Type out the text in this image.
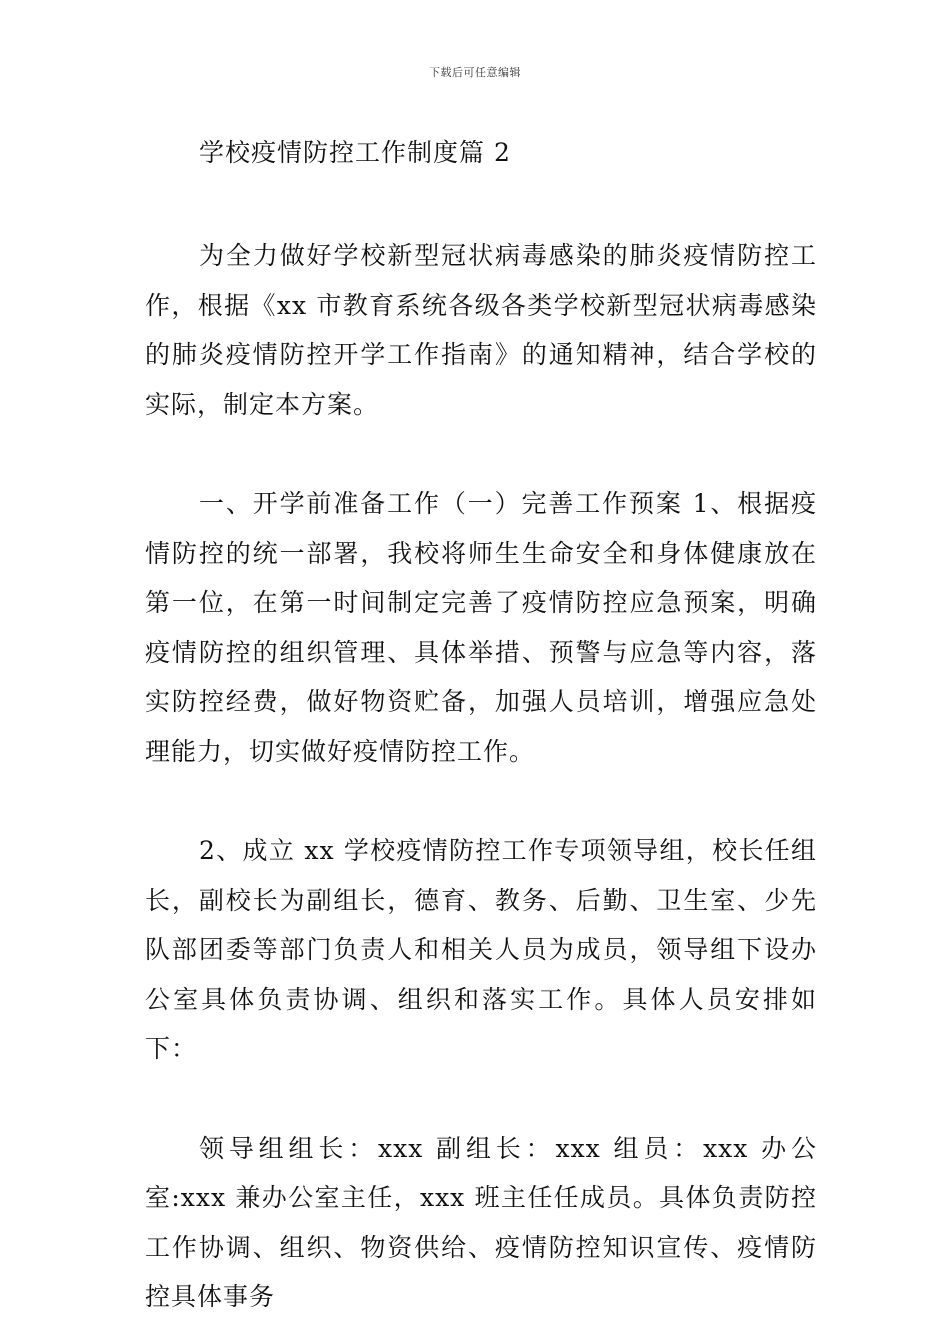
下载后可任意编辑
学校疫情防控工作制度篇 2

为全力做好学校新型冠状病毒感染的肺炎疫情防控工作，根据《xx 市教育系统各级各类学校新型冠状病毒感染的肺炎疫情防控开学工作指南》的通知精神，结合学校的实际，制定本方案。

一、开学前准备工作（一）完善工作预案 1、根据疫情防控的统一部署，我校将师生生命安全和身体健康放在第一位，在第一时间制定完善了疫情防控应急预案，明确疫情防控的组织管理、具体举措、预警与应急等内容，落实防控经费，做好物资贮备，加强人员培训，增强应急处理能力，切实做好疫情防控工作。

2、成立 xx 学校疫情防控工作专项领导组，校长任组长，副校长为副组长，德育、教务、后勤、卫生室、少先队部团委等部门负责人和相关人员为成员，领导组下设办公室具体负责协调、组织和落实工作。具体人员安排如下：

领导组组长：xxx 副组长：xxx 组员：xxx 办公室:xxx 兼办公室主任，xxx 班主任任成员。具体负责防控工作协调、组织、物资供给、疫情防控知识宣传、疫情防控具体事务
